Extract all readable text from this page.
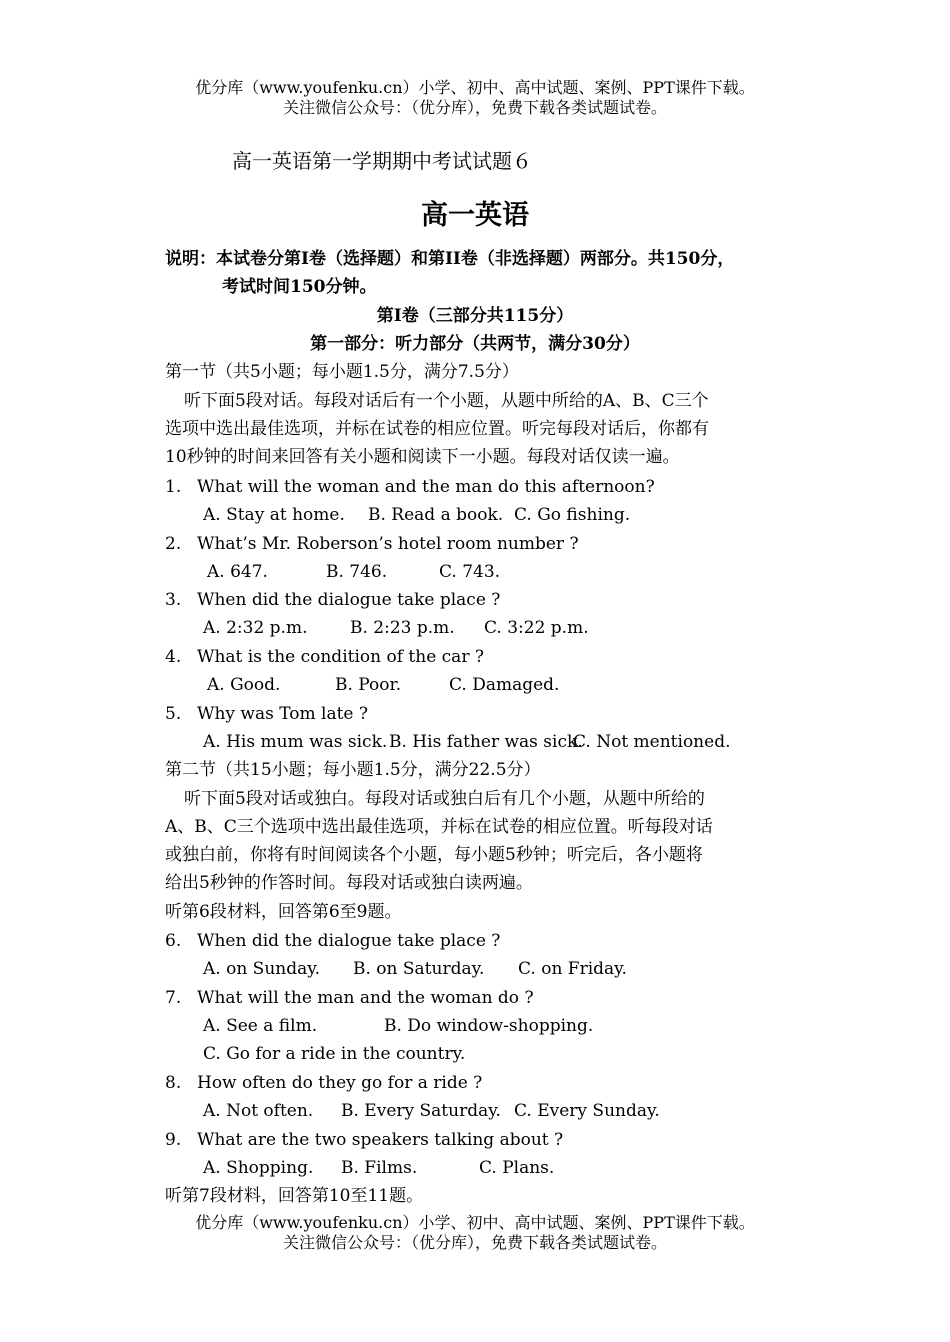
优分库（www.youfenku.cn）小学、初中、高中试题、案例、PPT课件下载。
关注微信公众号：（优分库），免费下载各类试题试卷。
高一英语第一学期期中考试试题６
高一英语
说明：本试卷分第I卷（选择题）和第II卷（非选择题）两部分。共150分，
考试时间150分钟。
第I卷（三部分共115分）
第一部分：听力部分（共两节，满分30分）
第一节（共5小题；每小题1.5分，满分7.5分）
听下面5段对话。每段对话后有一个小题，从题中所给的A、B、C三个
选项中选出最佳选项，并标在试卷的相应位置。听完每段对话后，你都有
10秒钟的时间来回答有关小题和阅读下一小题。每段对话仅读一遍。
1. What will the woman and the man do this afternoon?
A. Stay at home. B. Read a book. C. Go fishing.
2. What’s Mr. Roberson’s hotel room number ?
A. 647.	B. 746.	C. 743.
3. When did the dialogue take place ?
A. 2:32 p.m.	B. 2:23 p.m. C. 3:22 p.m.
4. What is the condition of the car ?
A. Good.	B. Poor.	C. Damaged.
5. Why was Tom late ?
A. His mum was sick. B. His father was sick.
C. Not mentioned.
第二节（共15小题；每小题1.5分，满分22.5分）
听下面5段对话或独白。每段对话或独白后有几个小题，从题中所给的
A、B、C三个选项中选出最佳选项，并标在试卷的相应位置。听每段对话
或独白前，你将有时间阅读各个小题，每小题5秒钟；听完后，各小题将
给出5秒钟的作答时间。每段对话或独白读两遍。
听第6段材料，回答第6至9题。
6. When did the dialogue take place ?
A. on Sunday. B. on Saturday. C. on Friday.
7. What will the man and the woman do ?
A. See a film.	B. Do window-shopping.
C. Go for a ride in the country.
8. How often do they go for a ride ?
A. Not often. B. Every Saturday. C. Every Sunday.
9. What are the two speakers talking about ?
A. Shopping. B. Films.	C. Plans.
听第7段材料，回答第10至11题。
优分库（www.youfenku.cn）小学、初中、高中试题、案例、PPT课件下载。
关注微信公众号：（优分库），免费下载各类试题试卷。
